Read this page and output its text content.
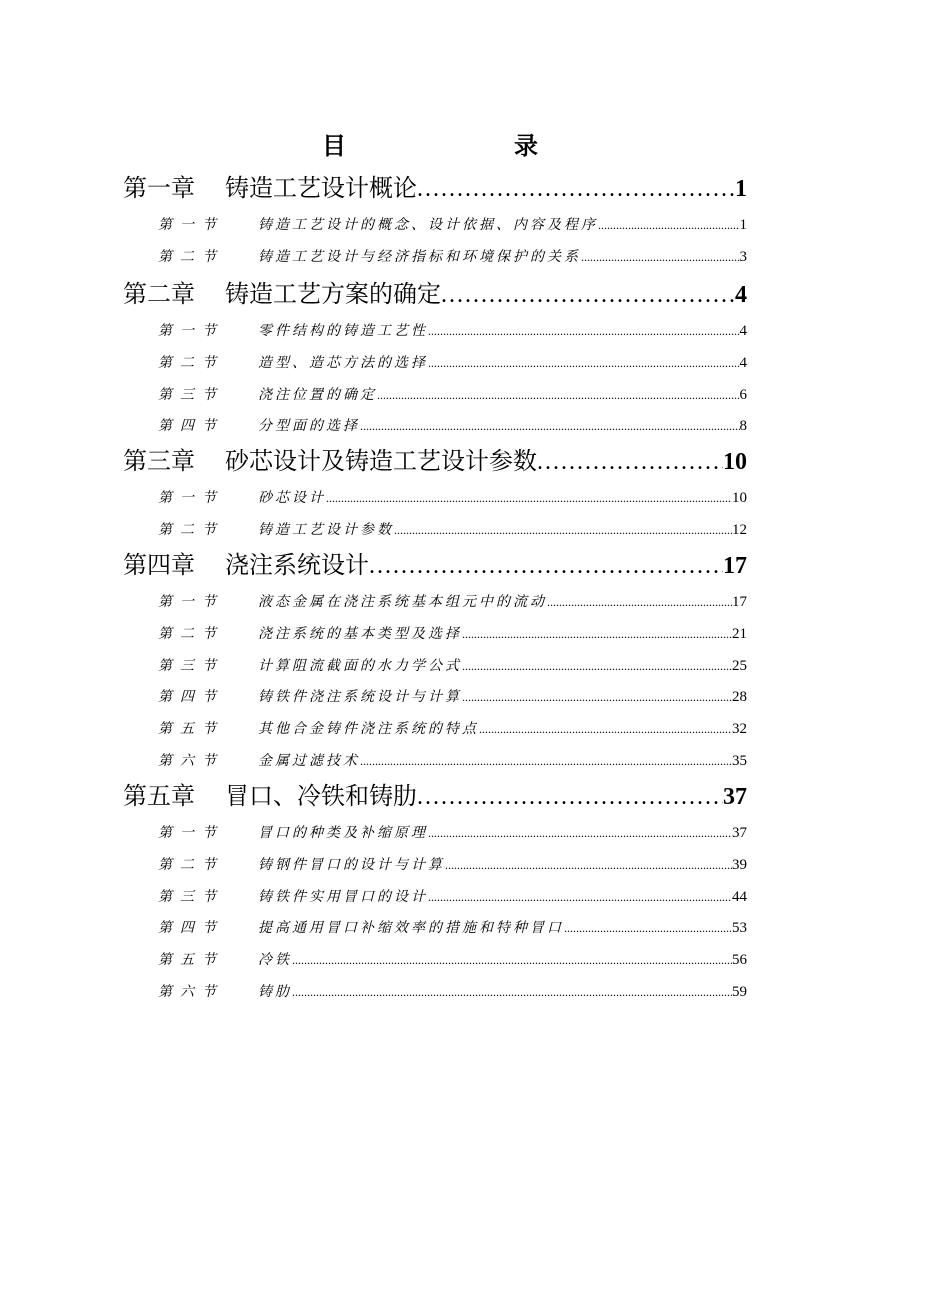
目　录
第一章 铸造工艺设计概论 .....	1
第一节 铸造工艺设计的概念、设计依据、内容及程序 .....	1
第二节 铸造工艺设计与经济指标和环境保护的关系 .....	3
第二章 铸造工艺方案的确定 .....	4
第一节 零件结构的铸造工艺性 .....	4
第二节 造型、造芯方法的选择 .....	4
第三节 浇注位置的确定 .....	6
第四节 分型面的选择 .....	8
第三章 砂芯设计及铸造工艺设计参数 .....	10
第一节 砂芯设计 .....	10
第二节 铸造工艺设计参数 .....	12
第四章 浇注系统设计 .....	17
第一节 液态金属在浇注系统基本组元中的流动 .....	17
第二节 浇注系统的基本类型及选择 .....	21
第三节 计算阻流截面的水力学公式 .....	25
第四节 铸铁件浇注系统设计与计算 .....	28
第五节 其他合金铸件浇注系统的特点 .....	32
第六节 金属过滤技术 .....	35
第五章 冒口、冷铁和铸肋 .....	37
第一节 冒口的种类及补缩原理 .....	37
第二节 铸钢件冒口的设计与计算 .....	39
第三节 铸铁件实用冒口的设计 .....	44
第四节 提高通用冒口补缩效率的措施和特种冒口 .....	53
第五节 冷铁 .....	56
第六节 铸肋 .....	59
